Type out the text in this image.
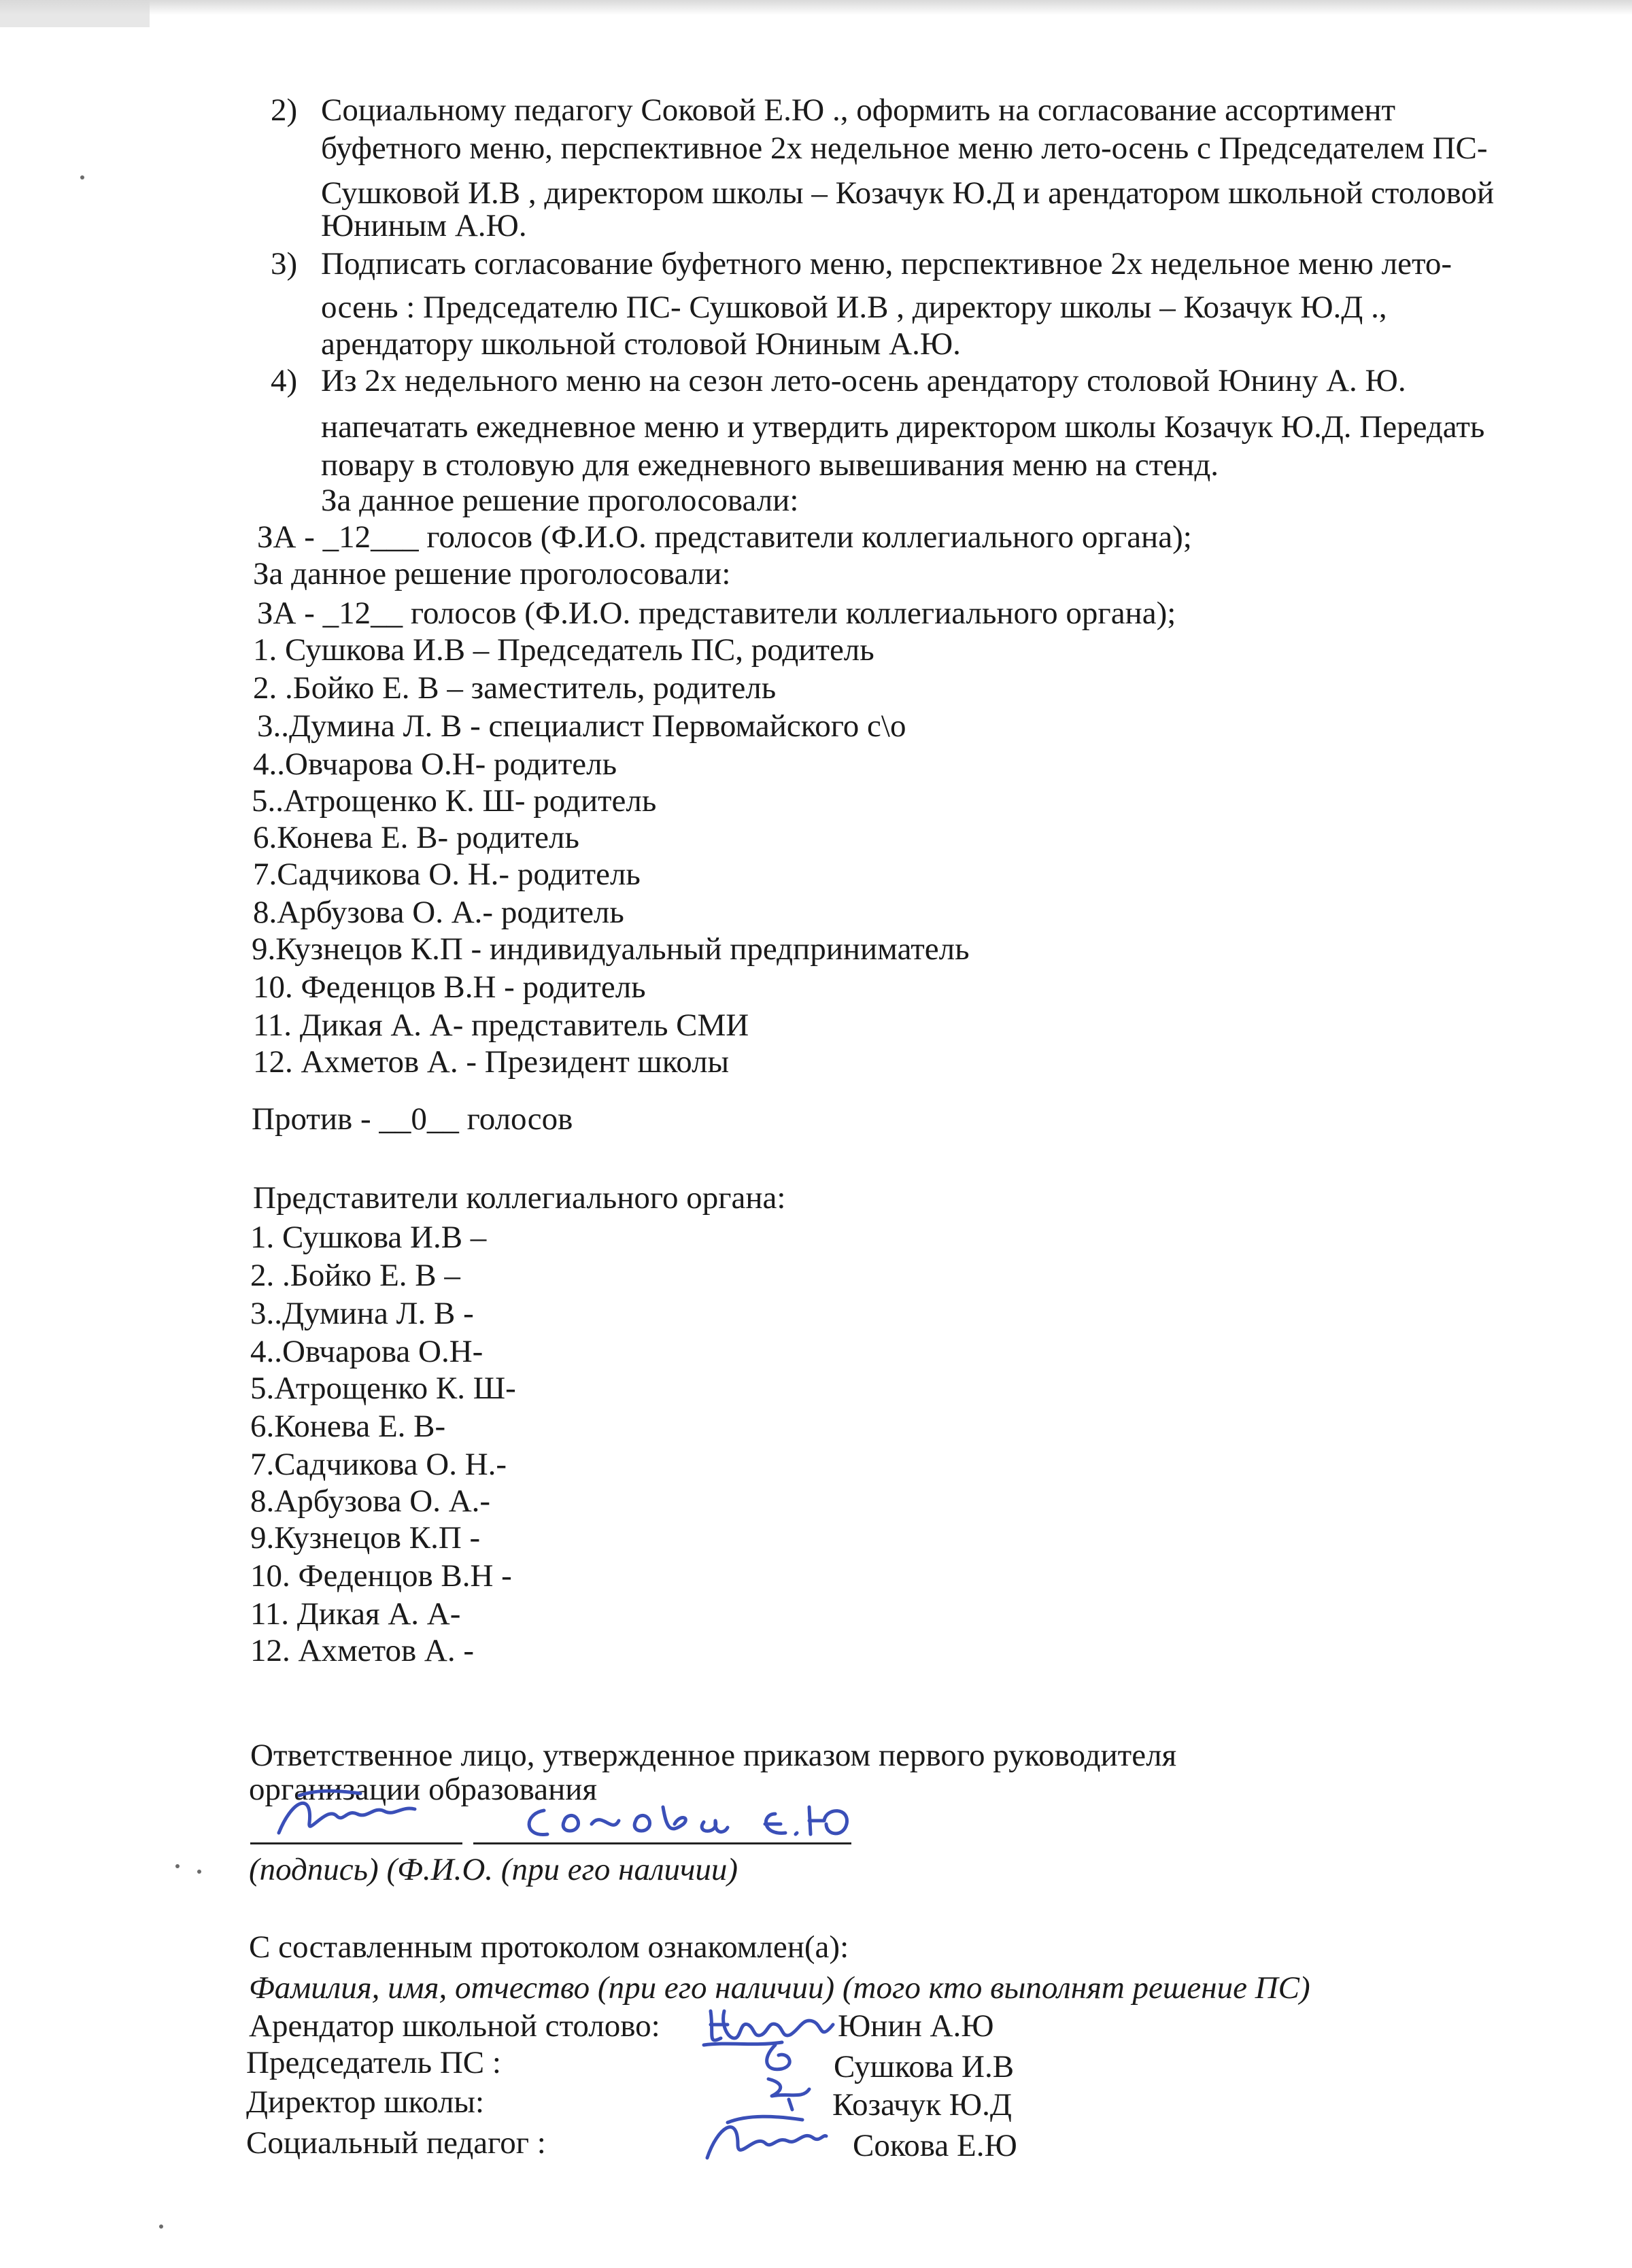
2) Социальному педагогу Соковой Е.Ю ., оформить на согласование ассортимент
буфетного меню, перспективное 2х недельное меню лето-осень с Председателем ПС-
Сушковой И.В , директором школы – Козачук Ю.Д и арендатором школьной столовой
Юниным А.Ю.
3) Подписать согласование буфетного меню, перспективное 2х недельное меню лето-
осень : Председателю ПС- Сушковой И.В , директору школы – Козачук Ю.Д .,
арендатору школьной столовой Юниным А.Ю.
4) Из 2х недельного меню на сезон лето-осень арендатору столовой Юнину А. Ю.
напечатать ежедневное меню и утвердить директором школы Козачук Ю.Д. Передать
повару в столовую для ежедневного вывешивания меню на стенд.
За данное решение проголосовали:
ЗА - _12___ голосов (Ф.И.О. представители коллегиального органа);
За данное решение проголосовали:
ЗА - _12__ голосов (Ф.И.О. представители коллегиального органа);
1. Сушкова И.В – Председатель ПС, родитель
2. .Бойко Е. В – заместитель, родитель
3..Думина Л. В - специалист Первомайского с\о
4..Овчарова О.Н- родитель
5..Атрощенко К. Ш- родитель
6.Конева Е. В- родитель
7.Садчикова О. Н.- родитель
8.Арбузова О. А.- родитель
9.Кузнецов К.П - индивидуальный предприниматель
10. Феденцов В.Н - родитель
11. Дикая А. А- представитель СМИ
12. Ахметов А. - Президент школы
Против - __0__ голосов
Представители коллегиального органа:
1. Сушкова И.В –
2. .Бойко Е. В –
3..Думина Л. В -
4..Овчарова О.Н-
5.Атрощенко К. Ш-
6.Конева Е. В-
7.Садчикова О. Н.-
8.Арбузова О. А.-
9.Кузнецов К.П -
10. Феденцов В.Н -
11. Дикая А. А-
12. Ахметов А. -
Ответственное лицо, утвержденное приказом первого руководителя
организации образования
(подпись) (Ф.И.О. (при его наличии)
С составленным протоколом ознакомлен(а):
Фамилия, имя, отчество (при его наличии) (того кто выполнят решение ПС)
Арендатор школьной столово:	Юнин А.Ю
Председатель ПС :	Сушкова И.В
Директор школы:	Козачук Ю.Д
Социальный педагог :	Сокова Е.Ю
